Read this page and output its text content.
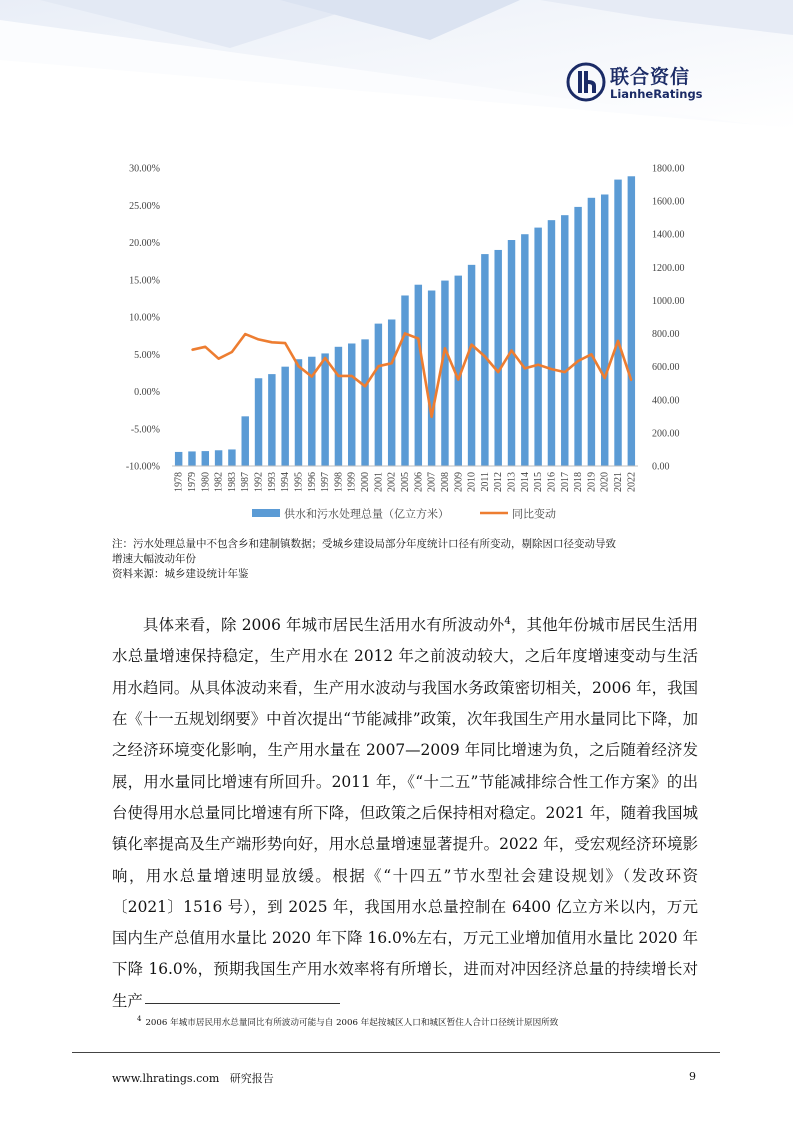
联合资信
LianheRatings
-10.00%
-5.00%
0.00%
5.00%
10.00%
15.00%
20.00%
25.00%
30.00%
0.00
200.00
400.00
600.00
800.00
1000.00
1200.00
1400.00
1600.00
1800.00
1978 1979 1980 1982 1983 1987 1992 1993 1994 1995 1996 1997 1998 1999 2000 2001 2002 2005 2006 2007 2008 2009 2010 2011 2012 2013 2014 2015 2016 2017 2018 2019 2020 2021 2022
供水和污水处理总量（亿立方米）	同比变动
注：污水处理总量中不包含乡和建制镇数据；受城乡建设局部分年度统计口径有所变动，剔除因口径变动导致
增速大幅波动年份
资料来源：城乡建设统计年鉴

具体来看，除 2006 年城市居民生活用水有所波动外$^4$，其他年份城市居民生活用水总量增速保持稳定，生产用水在 2012 年之前波动较大，之后年度增速变动与生活用水趋同。从具体波动来看，生产用水波动与我国水务政策密切相关，2006 年，我国在《十一五规划纲要》中首次提出“节能减排”政策，次年我国生产用水量同比下降，加之经济环境变化影响，生产用水量在 2007—2009 年同比增速为负，之后随着经济发展，用水量同比增速有所回升。2011 年，《“十二五”节能减排综合性工作方案》的出台使得用水总量同比增速有所下降，但政策之后保持相对稳定。2021 年，随着我国城镇化率提高及生产端形势向好，用水总量增速显著提升。2022 年，受宏观经济环境影响，用水总量增速明显放缓。根据《“十四五”节水型社会建设规划》（发改环资〔2021〕1516 号），到 2025 年，我国用水总量控制在 6400 亿立方米以内，万元国内生产总值用水量比 2020 年下降 16.0%左右，万元工业增加值用水量比 2020 年下降 16.0%，预期我国生产用水效率将有所增长，进而对冲因经济总量的持续增长对生产

$^4$ 2006 年城市居民用水总量同比有所波动可能与自 2006 年起按城区人口和城区暂住人合计口径统计原因所致
www.lhratings.com 研究报告	9
